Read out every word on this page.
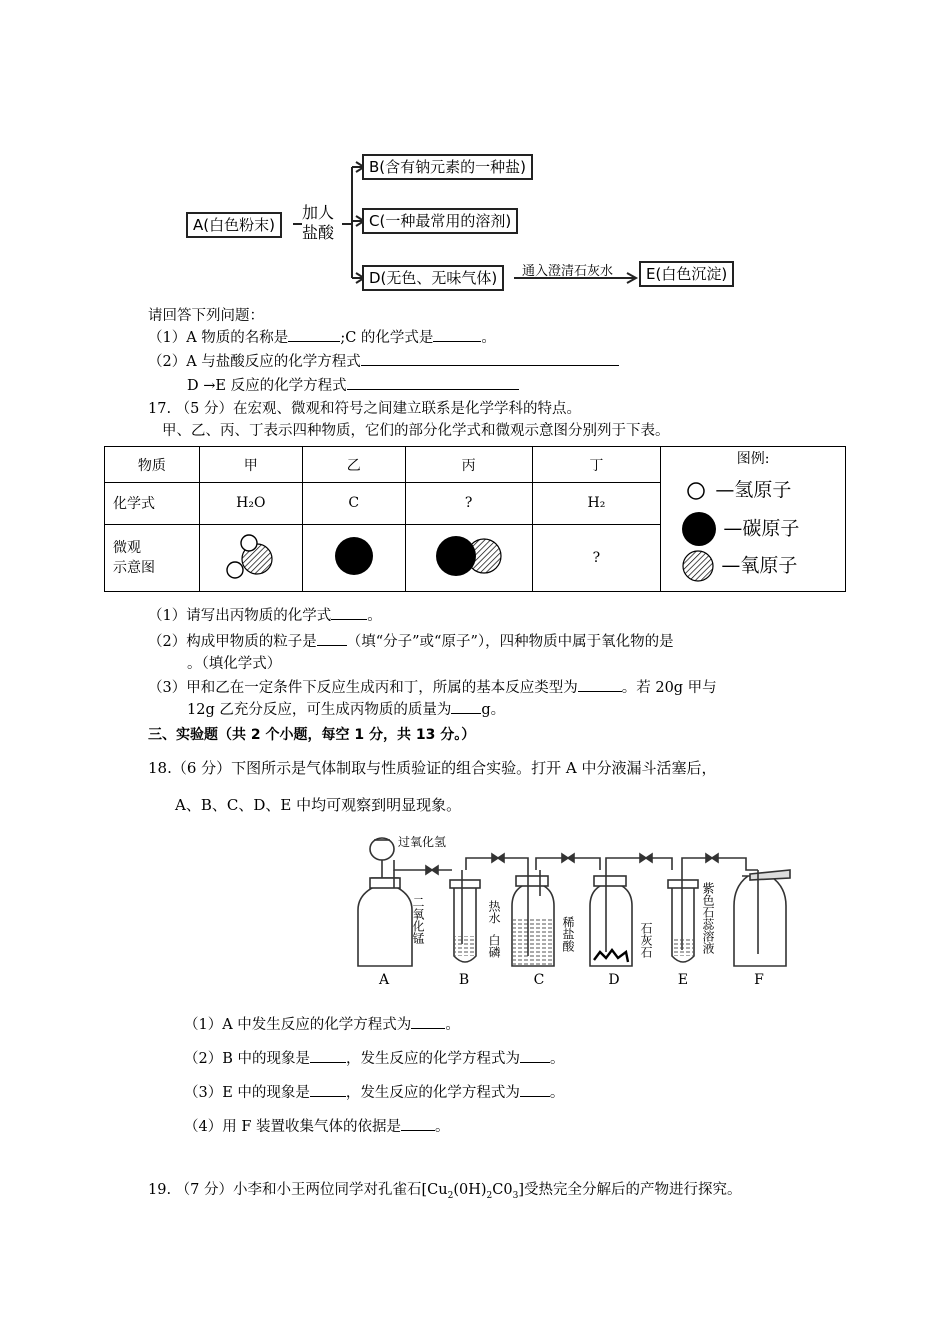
A(白色粉末)
加人
盐酸
B(含有钠元素的一种盐)
C(一种最常用的溶剂)
D(无色、无味气体)	通入澄清石灰水	E(白色沉淀)
请回答下列问题：
（1）A 物质的名称是	;C 的化学式是	。
（2）A 与盐酸反应的化学方程式
D →E 反应的化学方程式
17. （5 分）在宏观、微观和符号之间建立联系是化学学科的特点。
甲、乙、丙、丁表示四种物质，它们的部分化学式和微观示意图分别列于下表。
物质	甲	乙	丙	丁	图例:
—氢原子
—碳原子
—氧原子

化学式	H₂O	C	?	H₂	

微观
示意图				?	
（1）请写出丙物质的化学式 。
（2）构成甲物质的粒子是 （填“分子”或“原子”），四种物质中属于氧化物的是
。（填化学式）
（3）甲和乙在一定条件下反应生成丙和丁，所属的基本反应类型为	。若 20g 甲与
12g 乙充分反应，可生成丙物质的质量为 g。
三、实验题（共 2 个小题，每空 1 分，共 13 分。）
18.（6 分）下图所示是气体制取与性质验证的组合实验。打开 A 中分液漏斗活塞后，
A、B、C、D、E 中均可观察到明显现象。
过氧化氢
二氧化锰	热水
白磷	稀盐酸	石灰石	紫色石蕊溶液
A	B	C	D	E	F
（1）A 中发生反应的化学方程式为 。
（2）B 中的现象是 ，发生反应的化学方程式为 。
（3）E 中的现象是 ，发生反应的化学方程式为 。
（4）用 F 装置收集气体的依据是 。
19. （7 分）小李和小王两位同学对孔雀石$[Cu_2(0H)_2C0_3]$受热完全分解后的产物进行探究。
